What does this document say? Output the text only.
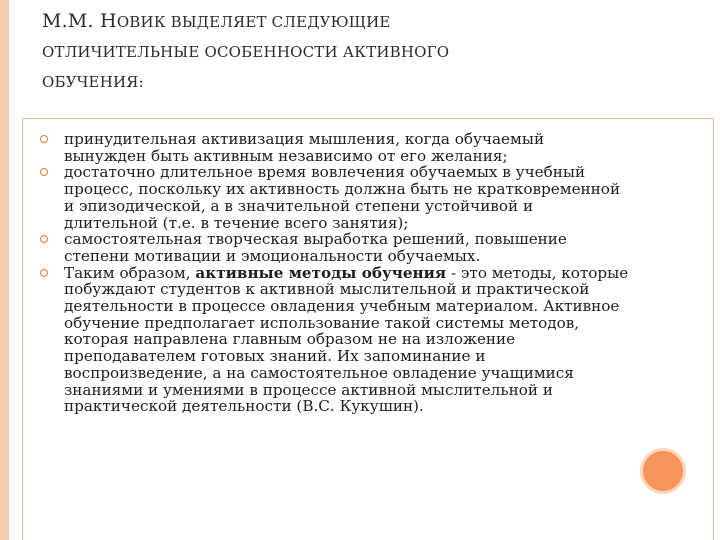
М.М. НОВИК ВЫДЕЛЯЕТ СЛЕДУЮЩИЕ
ОТЛИЧИТЕЛЬНЫЕ ОСОБЕННОСТИ АКТИВНОГО
ОБУЧЕНИЯ:
принудительная активизация мышления, когда обучаемый вынужден быть активным независимо от его желания;
достаточно длительное время вовлечения обучаемых в учебный процесс, поскольку их активность должна быть не кратковременной и эпизодической, а в значительной степени устойчивой и длительной (т.е. в течение всего занятия);
самостоятельная творческая выработка решений, повышение степени мотивации и эмоциональности обучаемых.
Таким образом, активные методы обучения - это методы, которые побуждают студентов к активной мыслительной и практической деятельности в процессе овладения учебным материалом. Активное обучение предполагает использование такой системы методов, которая направлена главным образом не на изложение преподавателем готовых знаний. Их запоминание и воспроизведение, а на самостоятельное овладение учащимися знаниями и умениями в процессе активной мыслительной и практической деятельности (В.С. Кукушин).
